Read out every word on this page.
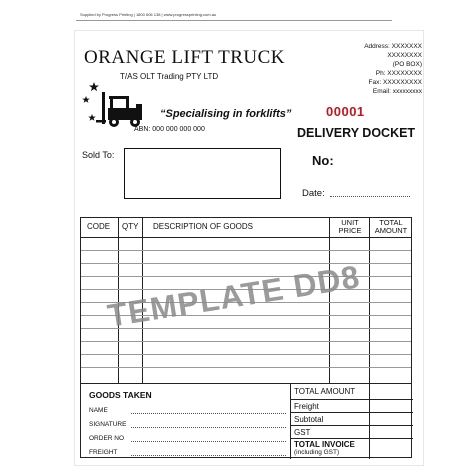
Supplied by Progress Printing | 1800 606 138 | www.progressprinting.com.au
ORANGE LIFT TRUCK
T/AS OLT Trading PTY LTD
“Specialising in forklifts”
ABN: 000 000 000 000
Address: XXXXXXX
XXXXXXXX
(PO BOX)
Ph: XXXXXXXX
Fax: XXXXXXXXX
Email: xxxxxxxxx
00001
DELIVERY DOCKET
No:
Sold To:
Date:
CODE QTY DESCRIPTION OF GOODS	UNIT
PRICE
TOTAL
AMOUNT
GOODS TAKEN
NAME
SIGNATURE
ORDER NO
FREIGHT
TOTAL AMOUNT
Freight
Subtotal
GST
TOTAL INVOICE
(including GST)
TEMPLATE DD8
